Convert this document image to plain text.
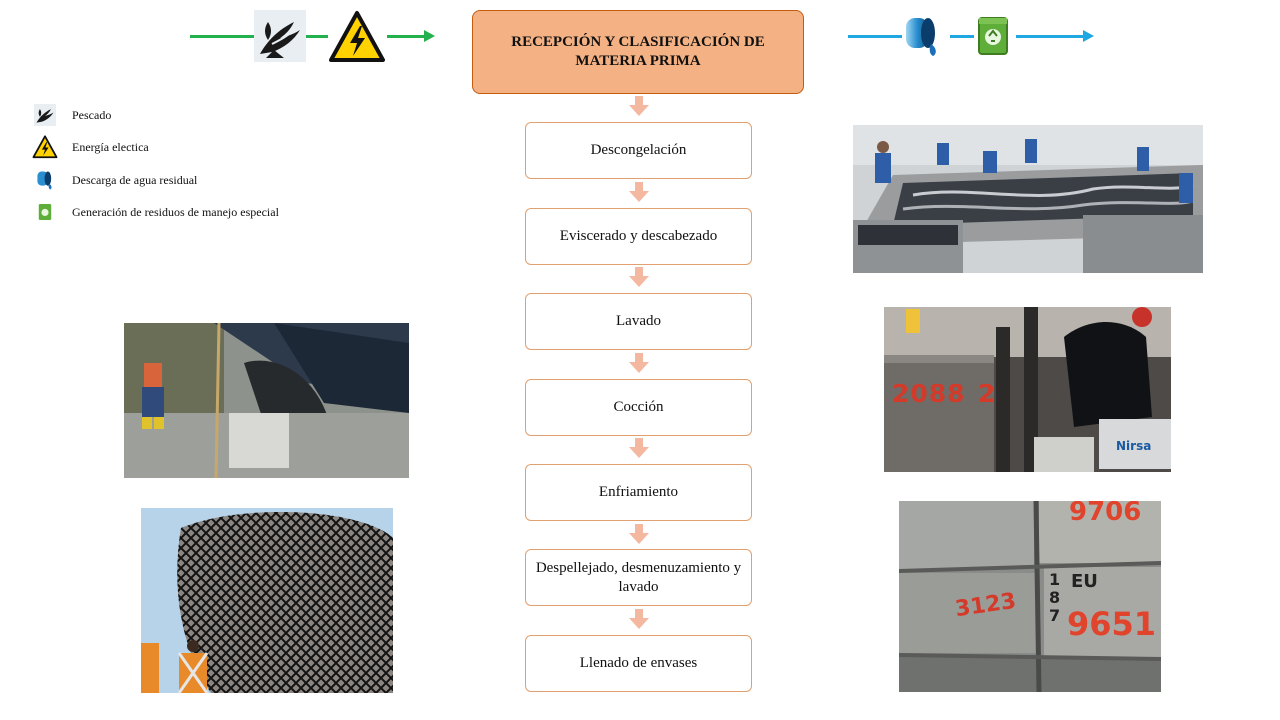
RECEPCIÓN Y CLASIFICACIÓN DE MATERIA PRIMA
Descongelación
Eviscerado y descabezado
Lavado
Cocción
Enfriamiento
Despellejado, desmenuzamiento y lavado
Llenado de envases
Pescado
Energía electica
Descarga de agua residual
Generación de residuos de manejo especial
2088 2
Nirsa
9706
3123
1 8 7
EU
9651
